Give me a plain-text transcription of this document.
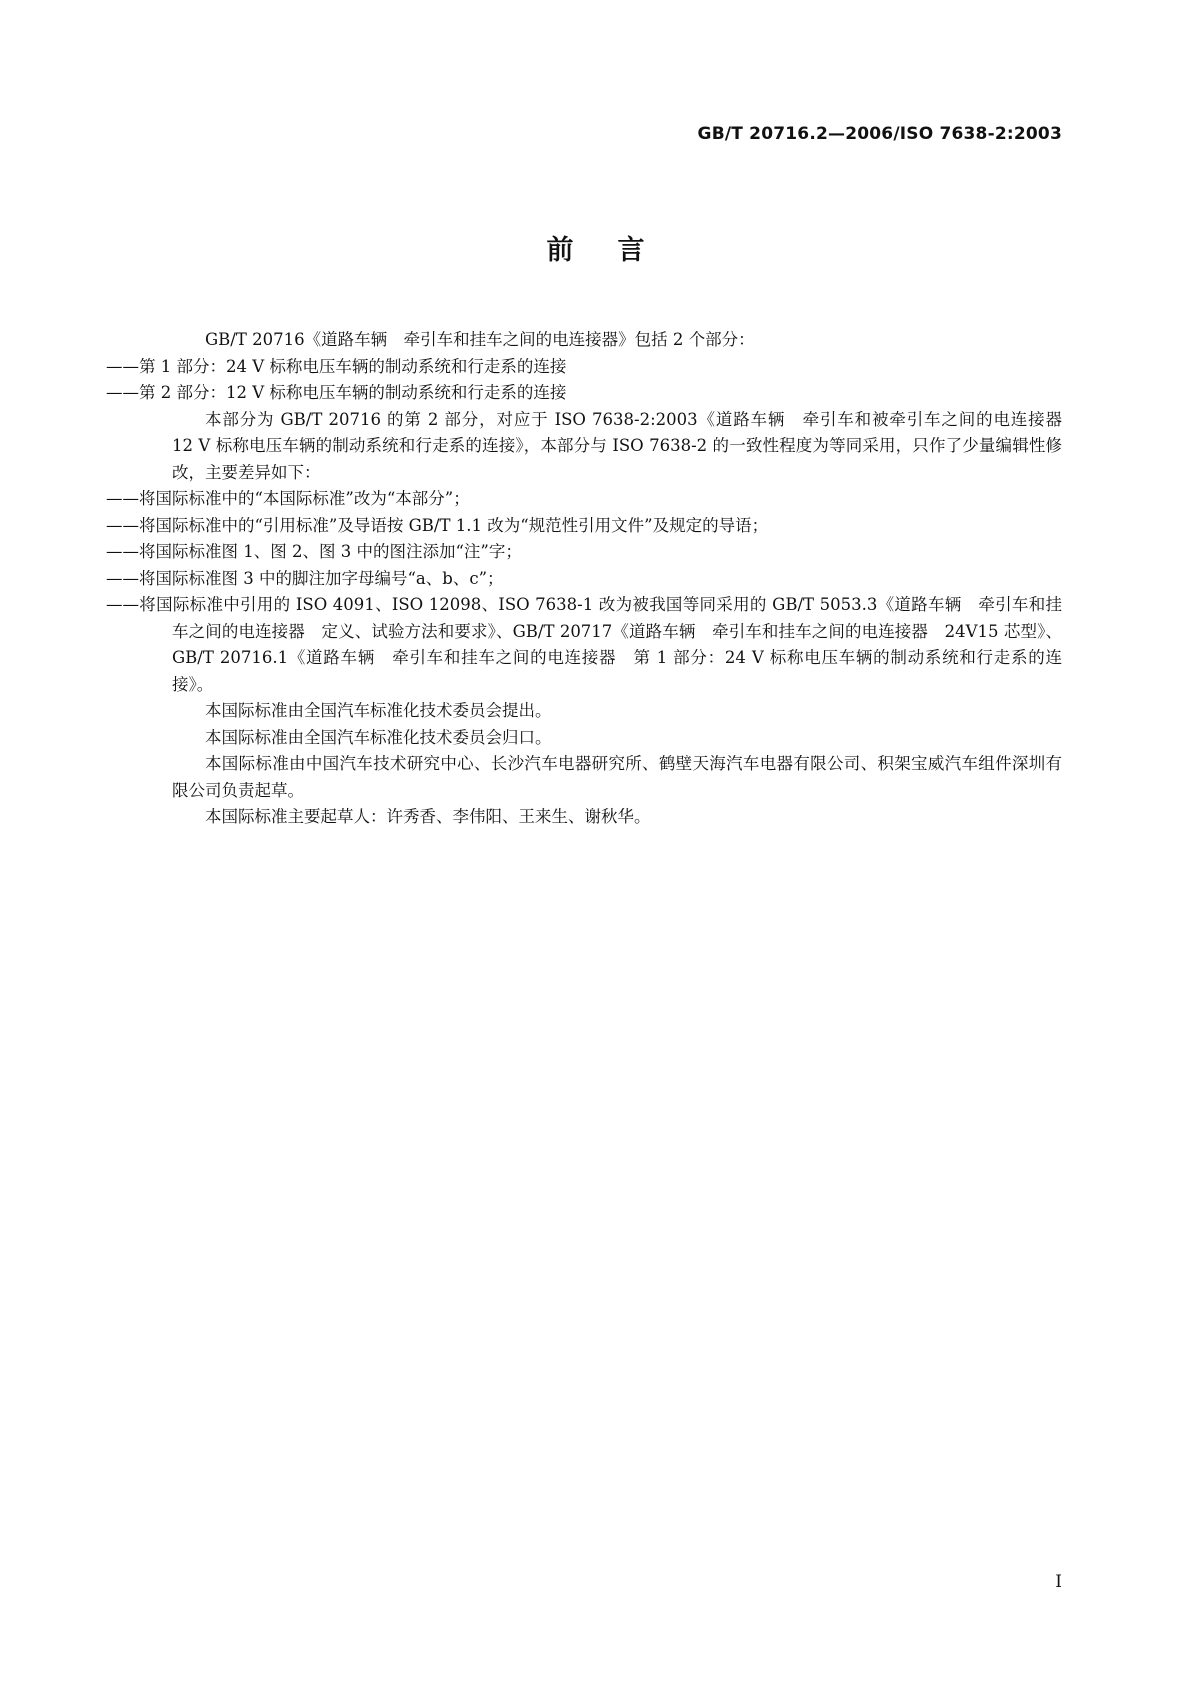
GB/T 20716.2—2006/ISO 7638-2:2003
前言

GB/T 20716《道路车辆　牵引车和挂车之间的电连接器》包括 2 个部分：

——第 1 部分：24 V 标称电压车辆的制动系统和行走系的连接

——第 2 部分：12 V 标称电压车辆的制动系统和行走系的连接

本部分为 GB/T 20716 的第 2 部分，对应于 ISO 7638-2:2003《道路车辆　牵引车和被牵引车之间的电连接器　12 V 标称电压车辆的制动系统和行走系的连接》，本部分与 ISO 7638-2 的一致性程度为等同采用，只作了少量编辑性修改，主要差异如下：

——将国际标准中的“本国际标准”改为“本部分”；

——将国际标准中的“引用标准”及导语按 GB/T 1.1 改为“规范性引用文件”及规定的导语；

——将国际标准图 1、图 2、图 3 中的图注添加“注”字；

——将国际标准图 3 中的脚注加字母编号“a、b、c”；

——将国际标准中引用的 ISO 4091、ISO 12098、ISO 7638-1 改为被我国等同采用的 GB/T 5053.3《道路车辆　牵引车和挂车之间的电连接器　定义、试验方法和要求》、GB/T 20717《道路车辆　牵引车和挂车之间的电连接器　24V15 芯型》、GB/T 20716.1《道路车辆　牵引车和挂车之间的电连接器　第 1 部分：24 V 标称电压车辆的制动系统和行走系的连接》。

本国际标准由全国汽车标准化技术委员会提出。

本国际标准由全国汽车标准化技术委员会归口。

本国际标准由中国汽车技术研究中心、长沙汽车电器研究所、鹤壁天海汽车电器有限公司、积架宝威汽车组件深圳有限公司负责起草。

本国际标准主要起草人：许秀香、李伟阳、王来生、谢秋华。

I
